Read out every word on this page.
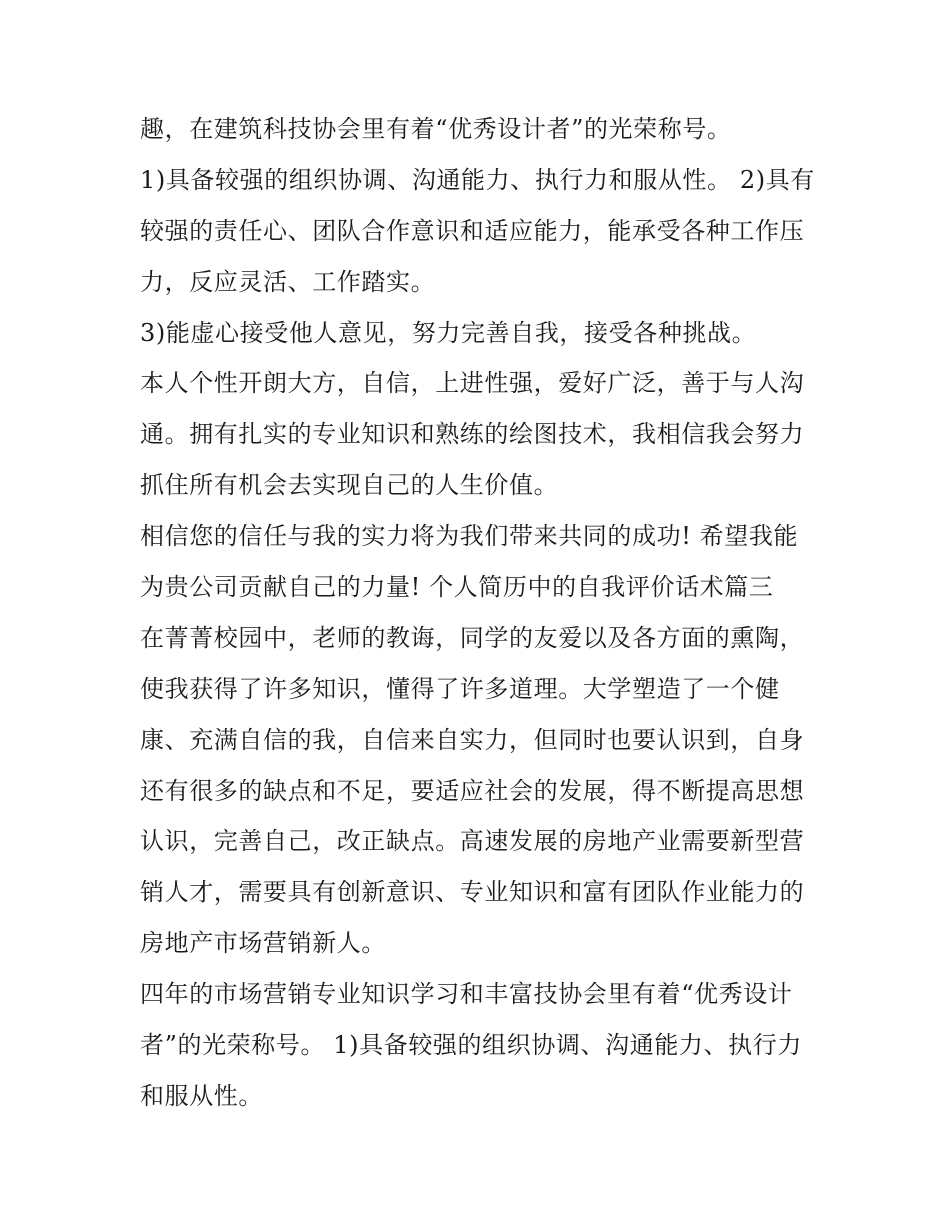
趣，在建筑科技协会里有着“优秀设计者”的光荣称号。
1)具备较强的组织协调、沟通能力、执行力和服从性。 2)具有
较强的责任心、团队合作意识和适应能力，能承受各种工作压
力，反应灵活、工作踏实。
3)能虚心接受他人意见，努力完善自我，接受各种挑战。
本人个性开朗大方，自信，上进性强，爱好广泛，善于与人沟
通。拥有扎实的专业知识和熟练的绘图技术，我相信我会努力
抓住所有机会去实现自己的人生价值。
相信您的信任与我的实力将为我们带来共同的成功! 希望我能
为贵公司贡献自己的力量! 个人简历中的自我评价话术篇三
在菁菁校园中，老师的教诲，同学的友爱以及各方面的熏陶，
使我获得了许多知识，懂得了许多道理。大学塑造了一个健
康、充满自信的我，自信来自实力，但同时也要认识到，自身
还有很多的缺点和不足，要适应社会的发展，得不断提高思想
认识，完善自己，改正缺点。高速发展的房地产业需要新型营
销人才，需要具有创新意识、专业知识和富有团队作业能力的
房地产市场营销新人。
四年的市场营销专业知识学习和丰富技协会里有着“优秀设计
者”的光荣称号。 1)具备较强的组织协调、沟通能力、执行力
和服从性。
